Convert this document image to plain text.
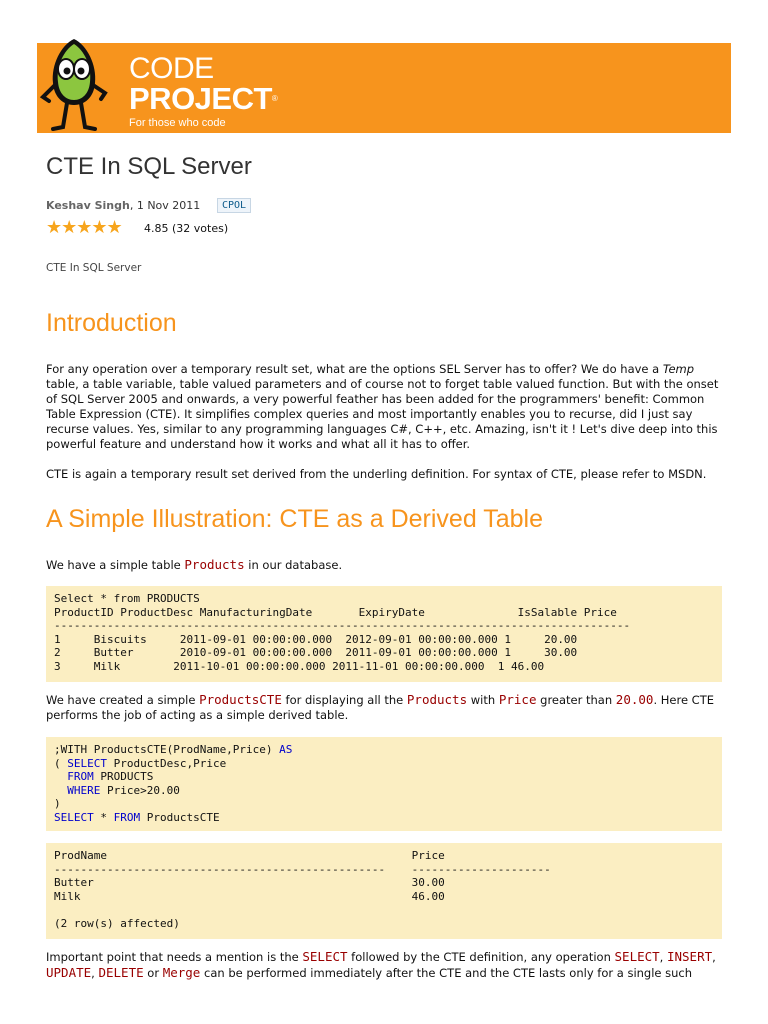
CODE
PROJECT®
For those who code
CTE In SQL Server
Keshav Singh, 1 Nov 2011	CPOL
★★★★★ 4.85 (32 votes)
CTE In SQL Server
Introduction

For any operation over a temporary result set, what are the options SEL Server has to offer? We do have a Temp table, a table variable, table valued parameters and of course not to forget table valued function. But with the onset of SQL Server 2005 and onwards, a very powerful feather has been added for the programmers' benefit: Common Table Expression (CTE). It simplifies complex queries and most importantly enables you to recurse, did I just say recurse values. Yes, similar to any programming languages C#, C++, etc. Amazing, isn't it ! Let's dive deep into this powerful feature and understand how it works and what all it has to offer.

CTE is again a temporary result set derived from the underling definition. For syntax of CTE, please refer to MSDN.

A Simple Illustration: CTE as a Derived Table

We have a simple table Products in our database.

Select * from PRODUCTS
ProductID ProductDesc ManufacturingDate       ExpiryDate              IsSalable Price
---------------------------------------------------------------------------------------
1     Biscuits     2011-09-01 00:00:00.000  2012-09-01 00:00:00.000 1     20.00
2     Butter       2010-09-01 00:00:00.000  2011-09-01 00:00:00.000 1     30.00
3     Milk        2011-10-01 00:00:00.000 2011-11-01 00:00:00.000  1 46.00

We have created a simple ProductsCTE for displaying all the Products with Price greater than 20.00. Here CTE performs the job of acting as a simple derived table.

;WITH ProductsCTE(ProdName,Price) AS
( SELECT ProductDesc,Price
FROM PRODUCTS
WHERE Price>20.00
)
SELECT * FROM ProductsCTE
ProdName                                              Price
--------------------------------------------------    ---------------------
Butter                                                30.00
Milk                                                  46.00

(2 row(s) affected)

Important point that needs a mention is the SELECT followed by the CTE definition, any operation SELECT, INSERT, UPDATE, DELETE or Merge can be performed immediately after the CTE and the CTE lasts only for a single such
